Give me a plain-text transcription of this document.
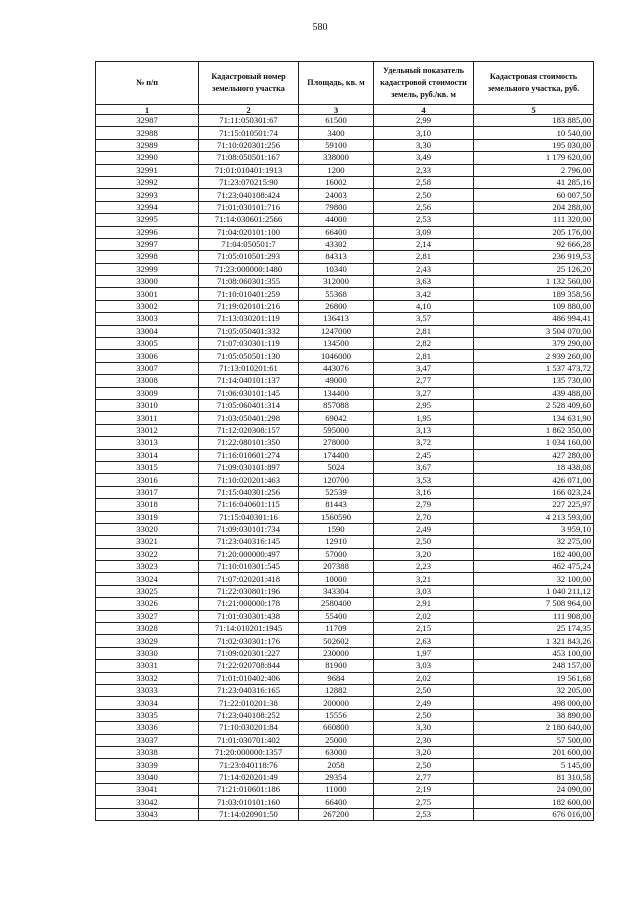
580
№ п/п	Кадастровый номер земельного участка	Площадь, кв. м	Удельный показатель кадастровой стоимости земель, руб./кв. м	Кадастровая стоимость земельного участка, руб.
1	2	3	4	5
32987	71:11:050301:67	61500	2,99	183 885,00
32988	71:15:010501:74	3400	3,10	10 540,00
32989	71:10:020301:256	59100	3,30	195 030,00
32990	71:08:050501:167	338000	3,49	1 179 620,00
32991	71:01:010401:1913	1200	2,33	2 796,00
32992	71:23:070215:90	16002	2,58	41 285,16
32993	71:23:040108:424	24003	2,50	60 007,50
32994	71:01:030101:716	79800	2,56	204 288,00
32995	71:14:030601:2566	44000	2,53	111 320,00
32996	71:04:020101:100	66400	3,09	205 176,00
32997	71:04:050501:7	43302	2,14	92 666,28
32998	71:05:010501:293	84313	2,81	236 919,53
32999	71:23:000000:1480	10340	2,43	25 126,20
33000	71:08:060301:355	312000	3,63	1 132 560,00
33001	71:10:010401:259	55368	3,42	189 358,56
33002	71:19:020101:216	26800	4,10	109 880,00
33003	71:13:030201:119	136413	3,57	486 994,41
33004	71:05:050401:332	1247000	2,81	3 504 070,00
33005	71:07:030301:119	134500	2,82	379 290,00
33006	71:05:050501:130	1046000	2,81	2 939 260,00
33007	71:13:010201:61	443076	3,47	1 537 473,72
33008	71:14:040101:137	49000	2,77	135 730,00
33009	71:06:030101:145	134400	3,27	439 488,00
33010	71:05:060401:314	857088	2,95	2 528 409,60
33011	71:03:050401:298	69042	1,95	134 631,90
33012	71:12:020308:157	595000	3,13	1 862 350,00
33013	71:22:080101:350	278000	3,72	1 034 160,00
33014	71:16:010601:274	174400	2,45	427 280,00
33015	71:09:030101:897	5024	3,67	18 438,08
33016	71:10:020201:463	120700	3,53	426 071,00
33017	71:15:040301:256	52539	3,16	166 023,24
33018	71:16:040601:115	81443	2,79	227 225,97
33019	71:15:040301:16	1560590	2,70	4 213 593,00
33020	71:09:030101:734	1590	2,49	3 959,10
33021	71:23:040316:145	12910	2,50	32 275,00
33022	71:20:000000:497	57000	3,20	182 400,00
33023	71:10:010301:545	207388	2,23	462 475,24
33024	71:07:020201:418	10000	3,21	32 100,00
33025	71:22:030801:196	343304	3,03	1 040 211,12
33026	71:21:000000:178	2580400	2,91	7 508 964,00
33027	71:01:030301:438	55400	2,02	111 908,00
33028	71:14:010201:1945	11709	2,15	25 174,35
33029	71:02:030301:176	502602	2,63	1 321 843,26
33030	71:09:020301:227	230000	1,97	453 100,00
33031	71:22:020708:844	81900	3,03	248 157,00
33032	71:01:010402:406	9684	2,02	19 561,68
33033	71:23:040316:165	12882	2,50	32 205,00
33034	71:22:010201:38	200000	2,49	498 000,00
33035	71:23:040108:252	15556	2,50	38 890,00
33036	71:10:030201:84	660800	3,30	2 180 640,00
33037	71:01:030701:402	25000	2,30	57 500,00
33038	71:20:000000:1357	63000	3,20	201 600,00
33039	71:23:040118:76	2058	2,50	5 145,00
33040	71:14:020201:49	29354	2,77	81 310,58
33041	71:21:010601:186	11000	2,19	24 090,00
33042	71:03:010101:160	66400	2,75	182 600,00
33043	71:14:020901:50	267200	2,53	676 016,00
